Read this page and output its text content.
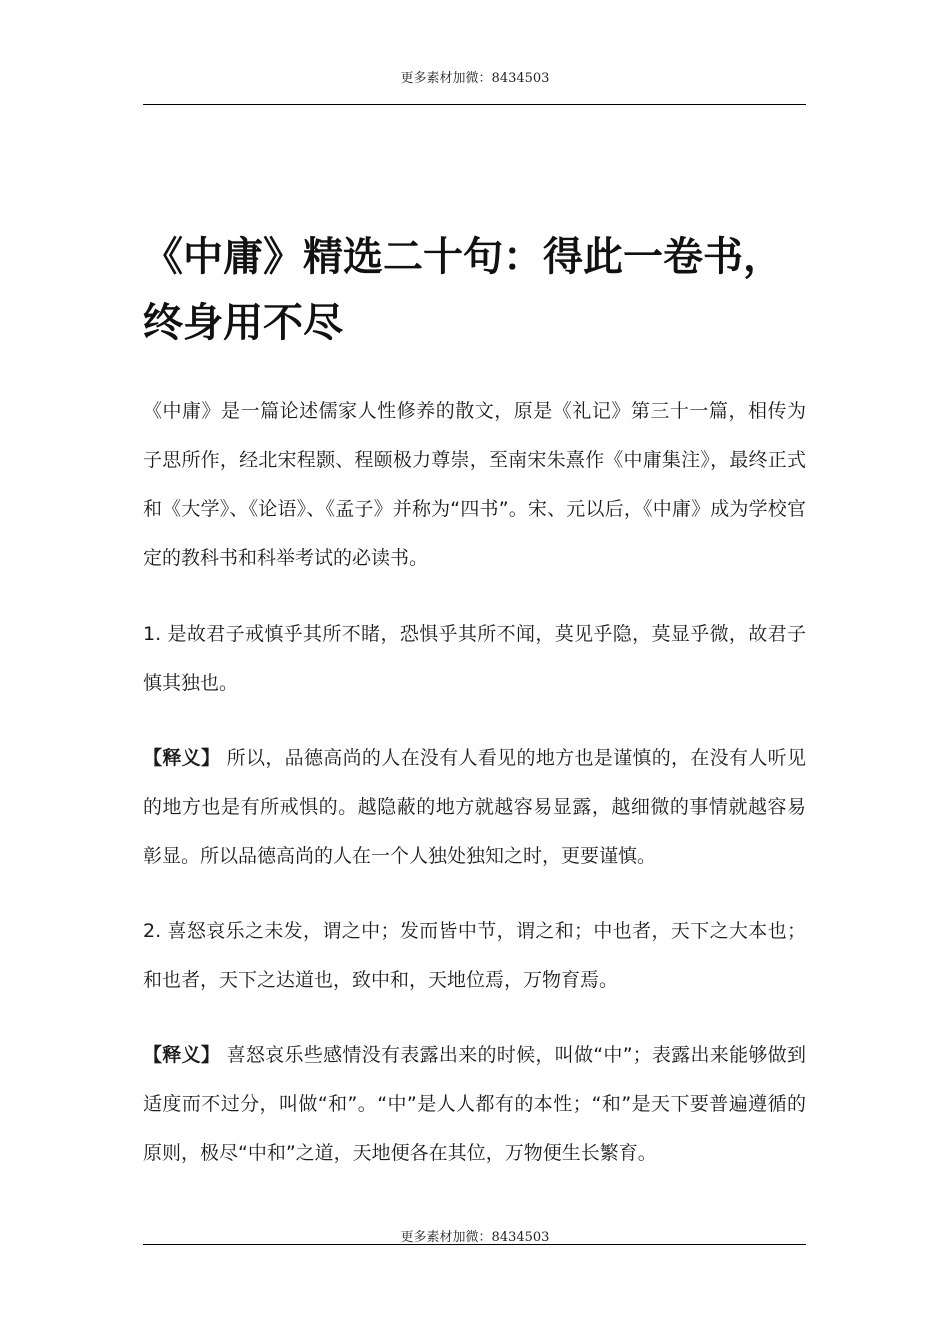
更多素材加微：8434503
《中庸》精选二十句：得此一卷书，终身用不尽

《中庸》是一篇论述儒家人性修养的散文，原是《礼记》第三十一篇，相传为子思所作，经北宋程颢、程颐极力尊崇，至南宋朱熹作《中庸集注》，最终正式和《大学》、《论语》、《孟子》并称为“四书”。宋、元以后，《中庸》成为学校官定的教科书和科举考试的必读书。

1. 是故君子戒慎乎其所不睹，恐惧乎其所不闻，莫见乎隐，莫显乎微，故君子慎其独也。

【释义】 所以，品德高尚的人在没有人看见的地方也是谨慎的，在没有人听见的地方也是有所戒惧的。越隐蔽的地方就越容易显露，越细微的事情就越容易彰显。所以品德高尚的人在一个人独处独知之时，更要谨慎。

2. 喜怒哀乐之未发，谓之中；发而皆中节，谓之和；中也者，天下之大本也；和也者，天下之达道也，致中和，天地位焉，万物育焉。

【释义】 喜怒哀乐些感情没有表露出来的时候，叫做“中”；表露出来能够做到适度而不过分，叫做“和”。“中”是人人都有的本性；“和”是天下要普遍遵循的原则，极尽“中和”之道，天地便各在其位，万物便生长繁育。

更多素材加微：8434503
